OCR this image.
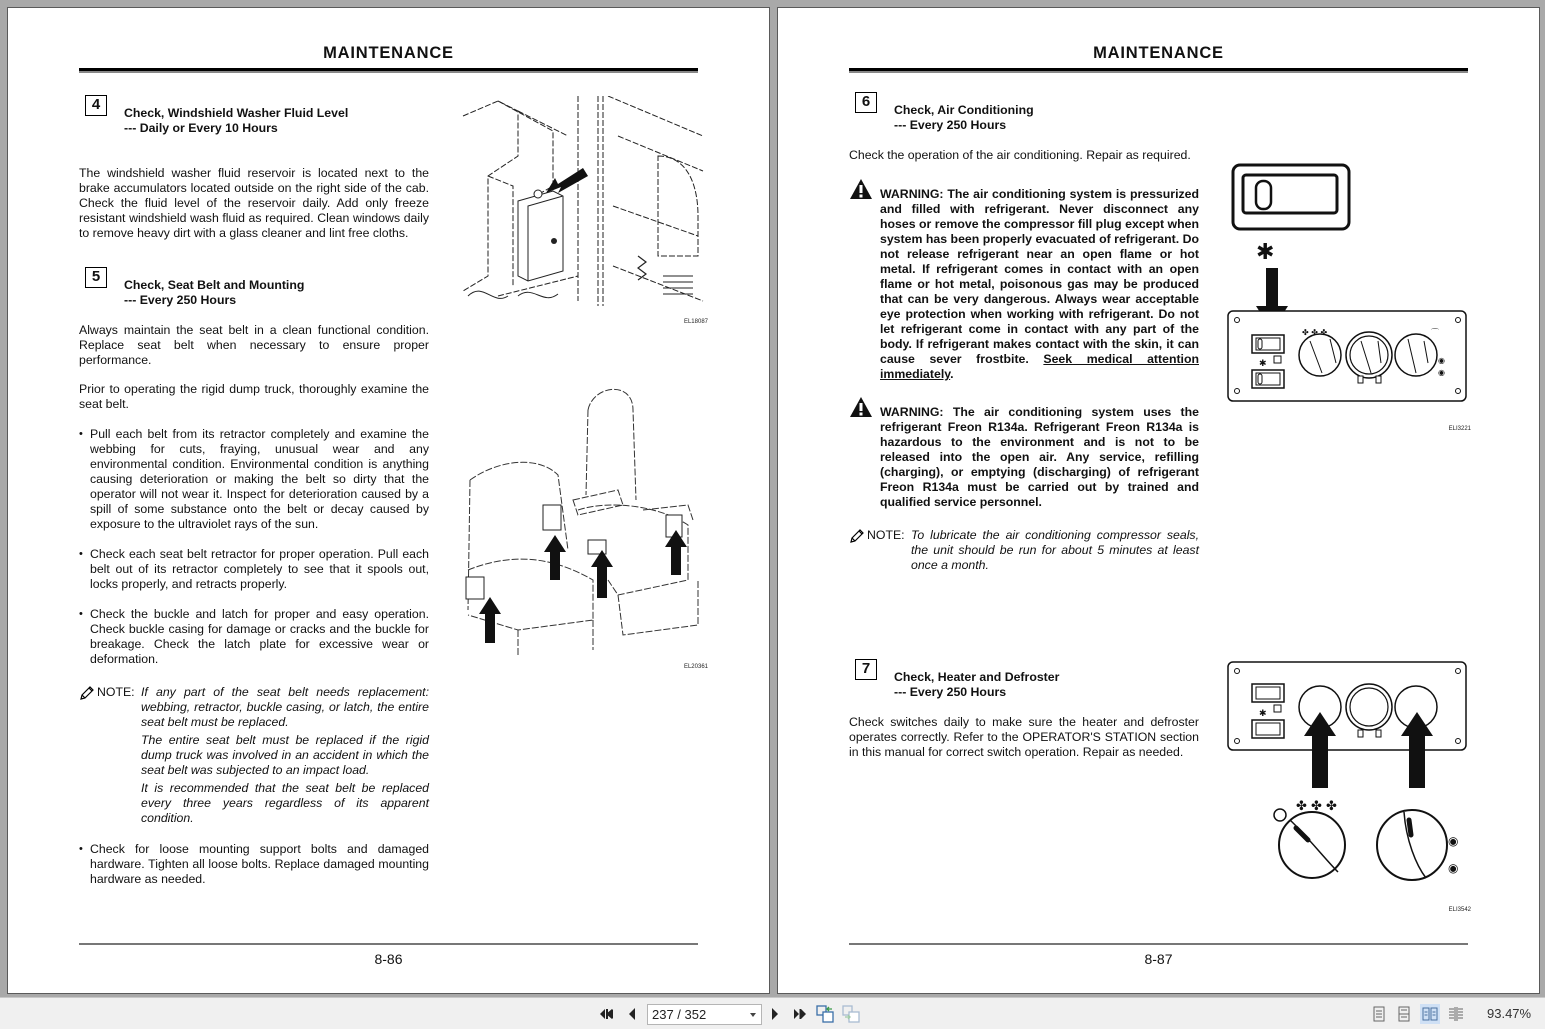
MAINTENANCE
4	Check, Windshield Washer Fluid Level
--- Daily or Every 10 Hours
The windshield washer fluid reservoir is located next to the brake accumulators located outside on the right side of the cab. Check the fluid level of the reservoir daily. Add only freeze resistant windshield wash fluid as required. Clean windows daily to remove heavy dirt with a glass cleaner and lint free cloths.
5	Check, Seat Belt and Mounting
--- Every 250 Hours
Always maintain the seat belt in a clean functional condition. Replace seat belt when necessary to ensure proper performance.
Prior to operating the rigid dump truck, thoroughly examine the seat belt.
• Pull each belt from its retractor completely and examine the webbing for cuts, fraying, unusual wear and any environmental condition. Environmental condition is anything causing deterioration or making the belt so dirty that the operator will not wear it. Inspect for deterioration caused by a spill of some substance onto the belt or decay caused by exposure to the ultraviolet rays of the sun.
• Check each seat belt retractor for proper operation. Pull each belt out of its retractor completely to see that it spools out, locks properly, and retracts properly.
• Check the buckle and latch for proper and easy operation. Check buckle casing for damage or cracks and the buckle for breakage. Check the latch plate for excessive wear or deformation.
NOTE: If any part of the seat belt needs replacement: webbing, retractor, buckle casing, or latch, the entire seat belt must be replaced.

The entire seat belt must be replaced if the rigid dump truck was involved in an accident in which the seat belt was subjected to an impact load.

It is recommended that the seat belt be replaced every three years regardless of its apparent condition.

• Check for loose mounting support bolts and damaged hardware. Tighten all loose bolts. Replace damaged mounting hardware as needed.
EL18087
EL20361
8-86
MAINTENANCE
6	Check, Air Conditioning
--- Every 250 Hours
Check the operation of the air conditioning. Repair as required.
WARNING: The air conditioning system is pressurized and filled with refrigerant. Never disconnect any hoses or remove the compressor fill plug except when system has been properly evacuated of refrigerant. Do not release refrigerant near an open flame or hot metal. If refrigerant comes in contact with an open flame or hot metal, poisonous gas may be produced that can be very dangerous. Always wear acceptable eye protection when working with refrigerant. Do not let refrigerant come in contact with any part of the body. If refrigerant makes contact with the skin, it can cause sever frostbite. Seek medical attention immediately.
WARNING: The air conditioning system uses the refrigerant Freon R134a. Refrigerant Freon R134a is hazardous to the environment and is not to be released into the open air. Any service, refilling (charging), or emptying (discharging) of refrigerant Freon R134a must be carried out by trained and qualified service personnel.
NOTE: To lubricate the air conditioning compressor seals, the unit should be run for about 5 minutes at least once a month.

7	Check, Heater and Defroster
--- Every 250 Hours
Check switches daily to make sure the heater and defroster operates correctly. Refer to the OPERATOR'S STATION section in this manual for correct switch operation. Repair as needed.
✱
✱
✤ ✤ ✤	⌒
◉
◉
ELI3221
✱
✤ ✤ ✤
◉
◉
ELI3542
8-87
237 / 352	93.47%
